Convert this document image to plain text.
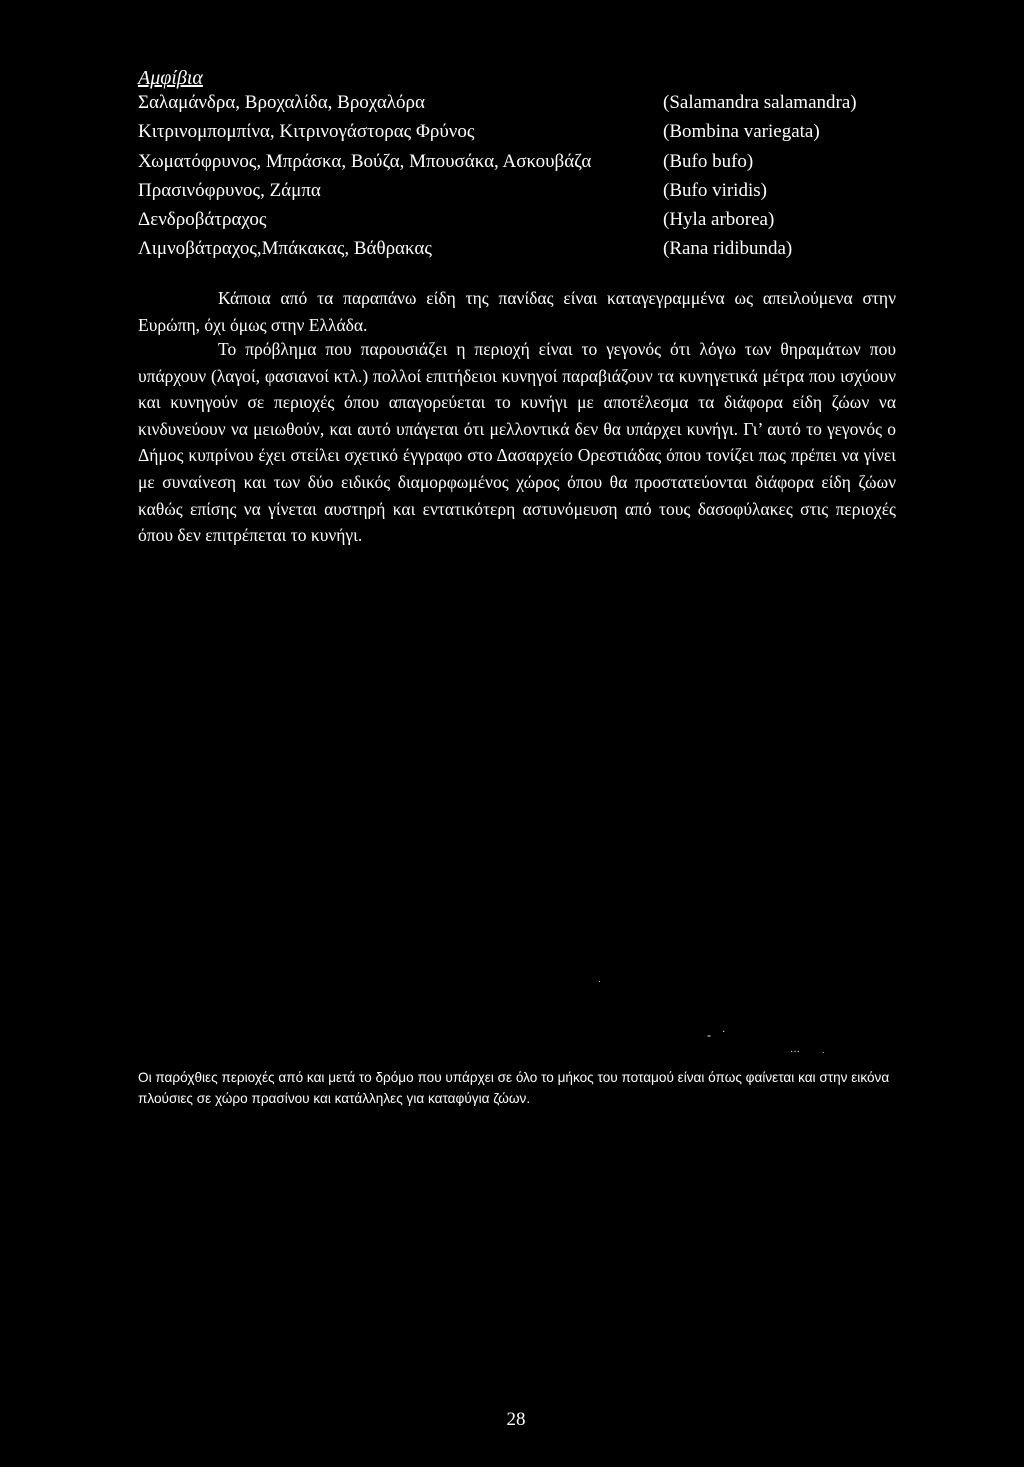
Αμφίβια
Σαλαμάνδρα, Βροχαλίδα, Βροχαλόρα	(Salamandra salamandra)
Κιτρινομπομπίνα, Κιτρινογάστορας Φρύνος	(Bombina variegata)
Χωματόφρυνος, Μπράσκα, Βούζα, Μπουσάκα, Ασκουβάζα	(Bufo bufo)
Πρασινόφρυνος, Ζάμπα	(Bufo viridis)
Δενδροβάτραχος	(Hyla arborea)
Λιμνοβάτραχος,Μπάκακας, Βάθρακας	(Rana ridibunda)

Κάποια από τα παραπάνω είδη της πανίδας είναι καταγεγραμμένα ως απειλούμενα στην Ευρώπη, όχι όμως στην Ελλάδα.

Το πρόβλημα που παρουσιάζει η περιοχή είναι το γεγονός ότι λόγω των θηραμάτων που υπάρχουν (λαγοί, φασιανοί κτλ.) πολλοί επιτήδειοι κυνηγοί παραβιάζουν τα κυνηγετικά μέτρα που ισχύουν και κυνηγούν σε περιοχές όπου απαγορεύεται το κυνήγι με αποτέλεσμα τα διάφορα είδη ζώων να κινδυνεύουν να μειωθούν, και αυτό υπάγεται ότι μελλοντικά δεν θα υπάρχει κυνήγι. Γι’ αυτό το γεγονός ο Δήμος κυπρίνου έχει στείλει σχετικό έγγραφο στο Δασαρχείο Ορεστιάδας όπου τονίζει πως πρέπει να γίνει με συναίνεση και των δύο ειδικός διαμορφωμένος χώρος όπου θα προστατεύονται διάφορα είδη ζώων καθώς επίσης να γίνεται αυστηρή και εντατικότερη αστυνόμευση από τους δασοφύλακες στις περιοχές όπου δεν επιτρέπεται το κυνήγι.

·
- ·
···	·

Οι παρόχθιες περιοχές από και μετά το δρόμο που υπάρχει σε όλο το μήκος του ποταμού είναι όπως φαίνεται και στην εικόνα πλούσιες σε χώρο πρασίνου και κατάλληλες για καταφύγια ζώων.

28
